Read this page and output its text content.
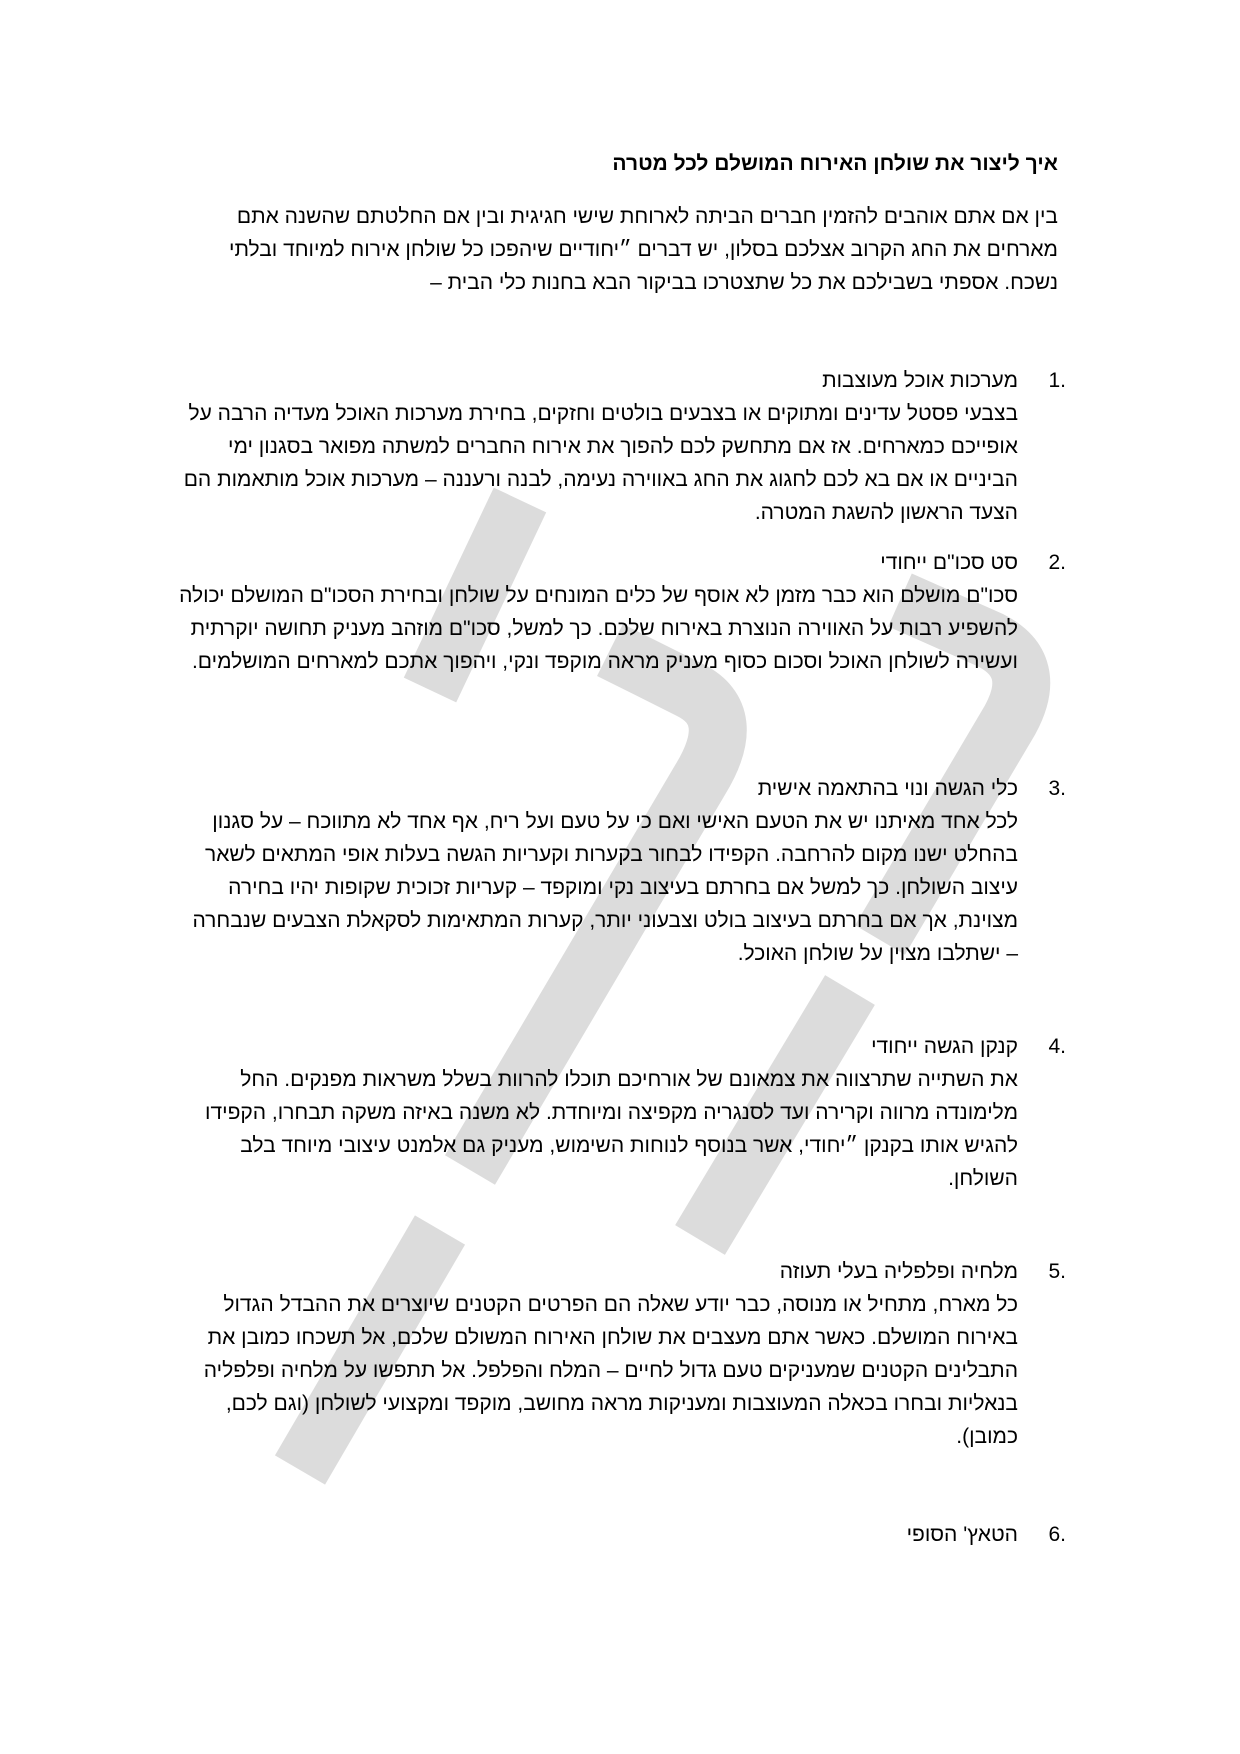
איך ליצור את שולחן האירוח המושלם לכל מטרה
בין אם אתם אוהבים להזמין חברים הביתה לארוחת שישי חגיגית ובין אם החלטתם שהשנה אתם מארחים את החג הקרוב אצלכם בסלון, יש דברים ״יחודיים שיהפכו כל שולחן אירוח למיוחד ובלתי נשכח. אספתי בשבילכם את כל שתצטרכו בביקור הבא בחנות כלי הבית –
1.
מערכות אוכל מעוצבות
בצבעי פסטל עדינים ומתוקים או בצבעים בולטים וחזקים, בחירת מערכות האוכל מעדיה הרבה על אופייכם כמארחים. אז אם מתחשק לכם להפוך את אירוח החברים למשתה מפואר בסגנון ימי הביניים או אם בא לכם לחגוג את החג באווירה נעימה, לבנה ורעננה – מערכות אוכל מותאמות הם הצעד הראשון להשגת המטרה.
2.
סט סכו"ם ייחודי
סכו"ם מושלם הוא כבר מזמן לא אוסף של כלים המונחים על שולחן ובחירת הסכו"ם המושלם יכולה להשפיע רבות על האווירה הנוצרת באירוח שלכם. כך למשל, סכו"ם מוזהב מעניק תחושה יוקרתית ועשירה לשולחן האוכל וסכום כסוף מעניק מראה מוקפד ונקי, ויהפוך אתכם למארחים המושלמים.
3.
כלי הגשה ונוי בהתאמה אישית
לכל אחד מאיתנו יש את הטעם האישי ואם כי על טעם ועל ריח, אף אחד לא מתווכח – על סגנון בהחלט ישנו מקום להרחבה. הקפידו לבחור בקערות וקעריות הגשה בעלות אופי המתאים לשאר עיצוב השולחן. כך למשל אם בחרתם בעיצוב נקי ומוקפד – קעריות זכוכית שקופות יהיו בחירה מצוינת, אך אם בחרתם בעיצוב בולט וצבעוני יותר, קערות המתאימות לסקאלת הצבעים שנבחרה – ישתלבו מצוין על שולחן האוכל.
4.
קנקן הגשה ייחודי
את השתייה שתרצווה את צמאונם של אורחיכם תוכלו להרוות בשלל משראות מפנקים. החל מלימונדה מרווה וקרירה ועד לסנגריה מקפיצה ומיוחדת. לא משנה באיזה משקה תבחרו, הקפידו להגיש אותו בקנקן ״יחודי, אשר בנוסף לנוחות השימוש, מעניק גם אלמנט עיצובי מיוחד בלב השולחן.
5.
מלחיה ופלפליה בעלי תעוזה
כל מארח, מתחיל או מנוסה, כבר יודע שאלה הם הפרטים הקטנים שיוצרים את ההבדל הגדול באירוח המושלם. כאשר אתם מעצבים את שולחן האירוח המשולם שלכם, אל תשכחו כמובן את התבלינים הקטנים שמעניקים טעם גדול לחיים – המלח והפלפל. אל תתפשו על מלחיה ופלפליה בנאליות ובחרו בכאלה המעוצבות ומעניקות מראה מחושב, מוקפד ומקצועי לשולחן (וגם לכם, כמובן).
6.
הטאץ' הסופי
